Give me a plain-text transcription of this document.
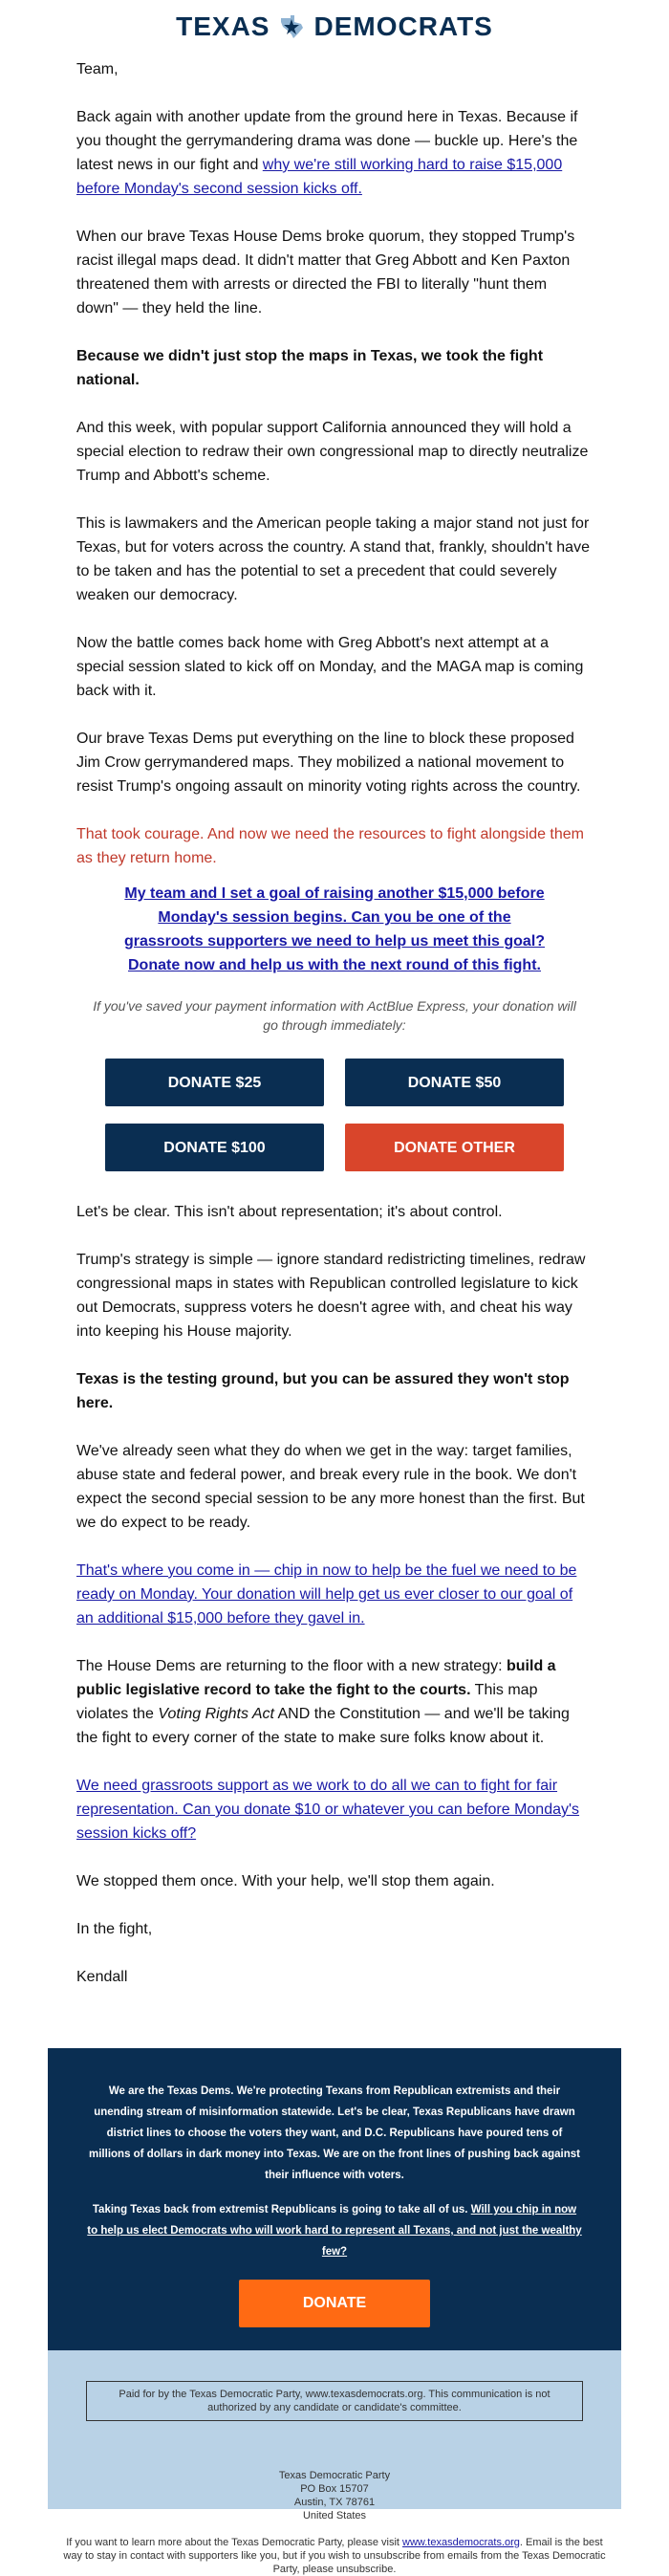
TEXAS DEMOCRATS

Team,

Back again with another update from the ground here in Texas. Because if you thought the gerrymandering drama was done — buckle up. Here's the latest news in our fight and why we're still working hard to raise $15,000 before Monday's second session kicks off.

When our brave Texas House Dems broke quorum, they stopped Trump's racist illegal maps dead. It didn't matter that Greg Abbott and Ken Paxton threatened them with arrests or directed the FBI to literally "hunt them down" — they held the line.

Because we didn't just stop the maps in Texas, we took the fight national.

And this week, with popular support California announced they will hold a special election to redraw their own congressional map to directly neutralize Trump and Abbott's scheme.

This is lawmakers and the American people taking a major stand not just for Texas, but for voters across the country. A stand that, frankly, shouldn't have to be taken and has the potential to set a precedent that could severely weaken our democracy.

Now the battle comes back home with Greg Abbott's next attempt at a special session slated to kick off on Monday, and the MAGA map is coming back with it.

Our brave Texas Dems put everything on the line to block these proposed Jim Crow gerrymandered maps. They mobilized a national movement to resist Trump's ongoing assault on minority voting rights across the country.

That took courage. And now we need the resources to fight alongside them as they return home.

My team and I set a goal of raising another $15,000 before Monday's session begins. Can you be one of the grassroots supporters we need to help us meet this goal? Donate now and help us with the next round of this fight.

If you've saved your payment information with ActBlue Express, your donation will go through immediately:

DONATE $25	DONATE $50
DONATE $100	DONATE OTHER

Let's be clear. This isn't about representation; it's about control.

Trump's strategy is simple — ignore standard redistricting timelines, redraw congressional maps in states with Republican controlled legislature to kick out Democrats, suppress voters he doesn't agree with, and cheat his way into keeping his House majority.

Texas is the testing ground, but you can be assured they won't stop here.

We've already seen what they do when we get in the way: target families, abuse state and federal power, and break every rule in the book. We don't expect the second special session to be any more honest than the first. But we do expect to be ready.

That's where you come in — chip in now to help be the fuel we need to be ready on Monday. Your donation will help get us ever closer to our goal of an additional $15,000 before they gavel in.

The House Dems are returning to the floor with a new strategy: build a public legislative record to take the fight to the courts. This map violates the Voting Rights Act AND the Constitution — and we'll be taking the fight to every corner of the state to make sure folks know about it.

We need grassroots support as we work to do all we can to fight for fair representation. Can you donate $10 or whatever you can before Monday's session kicks off?

We stopped them once. With your help, we'll stop them again.

In the fight,

Kendall

We are the Texas Dems. We're protecting Texans from Republican extremists and their unending stream of misinformation statewide. Let's be clear, Texas Republicans have drawn district lines to choose the voters they want, and D.C. Republicans have poured tens of millions of dollars in dark money into Texas. We are on the front lines of pushing back against their influence with voters.

Taking Texas back from extremist Republicans is going to take all of us. Will you chip in now to help us elect Democrats who will work hard to represent all Texans, and not just the wealthy few?

DONATE
Paid for by the Texas Democratic Party, www.texasdemocrats.org. This communication is not authorized by any candidate or candidate's committee.
Texas Democratic Party
PO Box 15707
Austin, TX 78761
United States
If you want to learn more about the Texas Democratic Party, please visit www.texasdemocrats.org. Email is the best way to stay in contact with supporters like you, but if you wish to unsubscribe from emails from the Texas Democratic Party, please unsubscribe.
